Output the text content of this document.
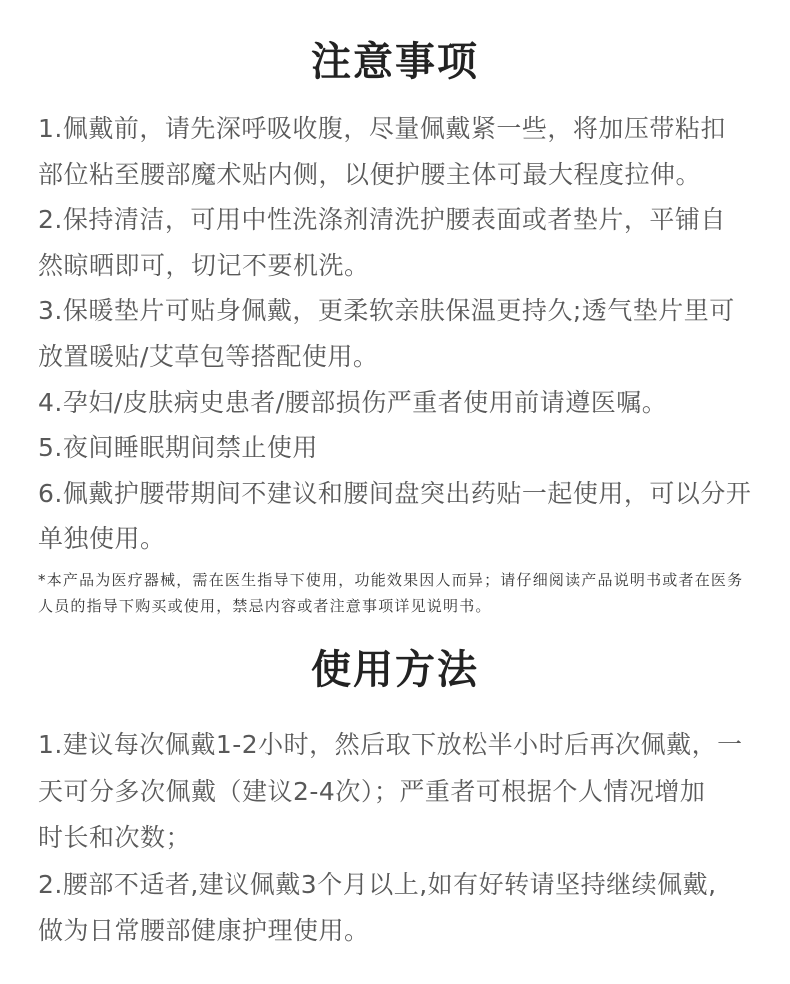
注意事项
1.佩戴前，请先深呼吸收腹，尽量佩戴紧一些，将加压带粘扣
部位粘至腰部魔术贴内侧，以便护腰主体可最大程度拉伸。
2.保持清洁，可用中性洗涤剂清洗护腰表面或者垫片，平铺自
然晾晒即可，切记不要机洗。
3.保暖垫片可贴身佩戴，更柔软亲肤保温更持久;透气垫片里可
放置暖贴/艾草包等搭配使用。
4.孕妇/皮肤病史患者/腰部损伤严重者使用前请遵医嘱。
5.夜间睡眠期间禁止使用
6.佩戴护腰带期间不建议和腰间盘突出药贴一起使用，可以分开
单独使用。
*本产品为医疗器械，需在医生指导下使用，功能效果因人而异；请仔细阅读产品说明书或者在医务
人员的指导下购买或使用，禁忌内容或者注意事项详见说明书。
使用方法
1.建议每次佩戴1-2小时，然后取下放松半小时后再次佩戴，一
天可分多次佩戴（建议2-4次）；严重者可根据个人情况增加
时长和次数；
2.腰部不适者,建议佩戴3个月以上,如有好转请坚持继续佩戴,
做为日常腰部健康护理使用。
